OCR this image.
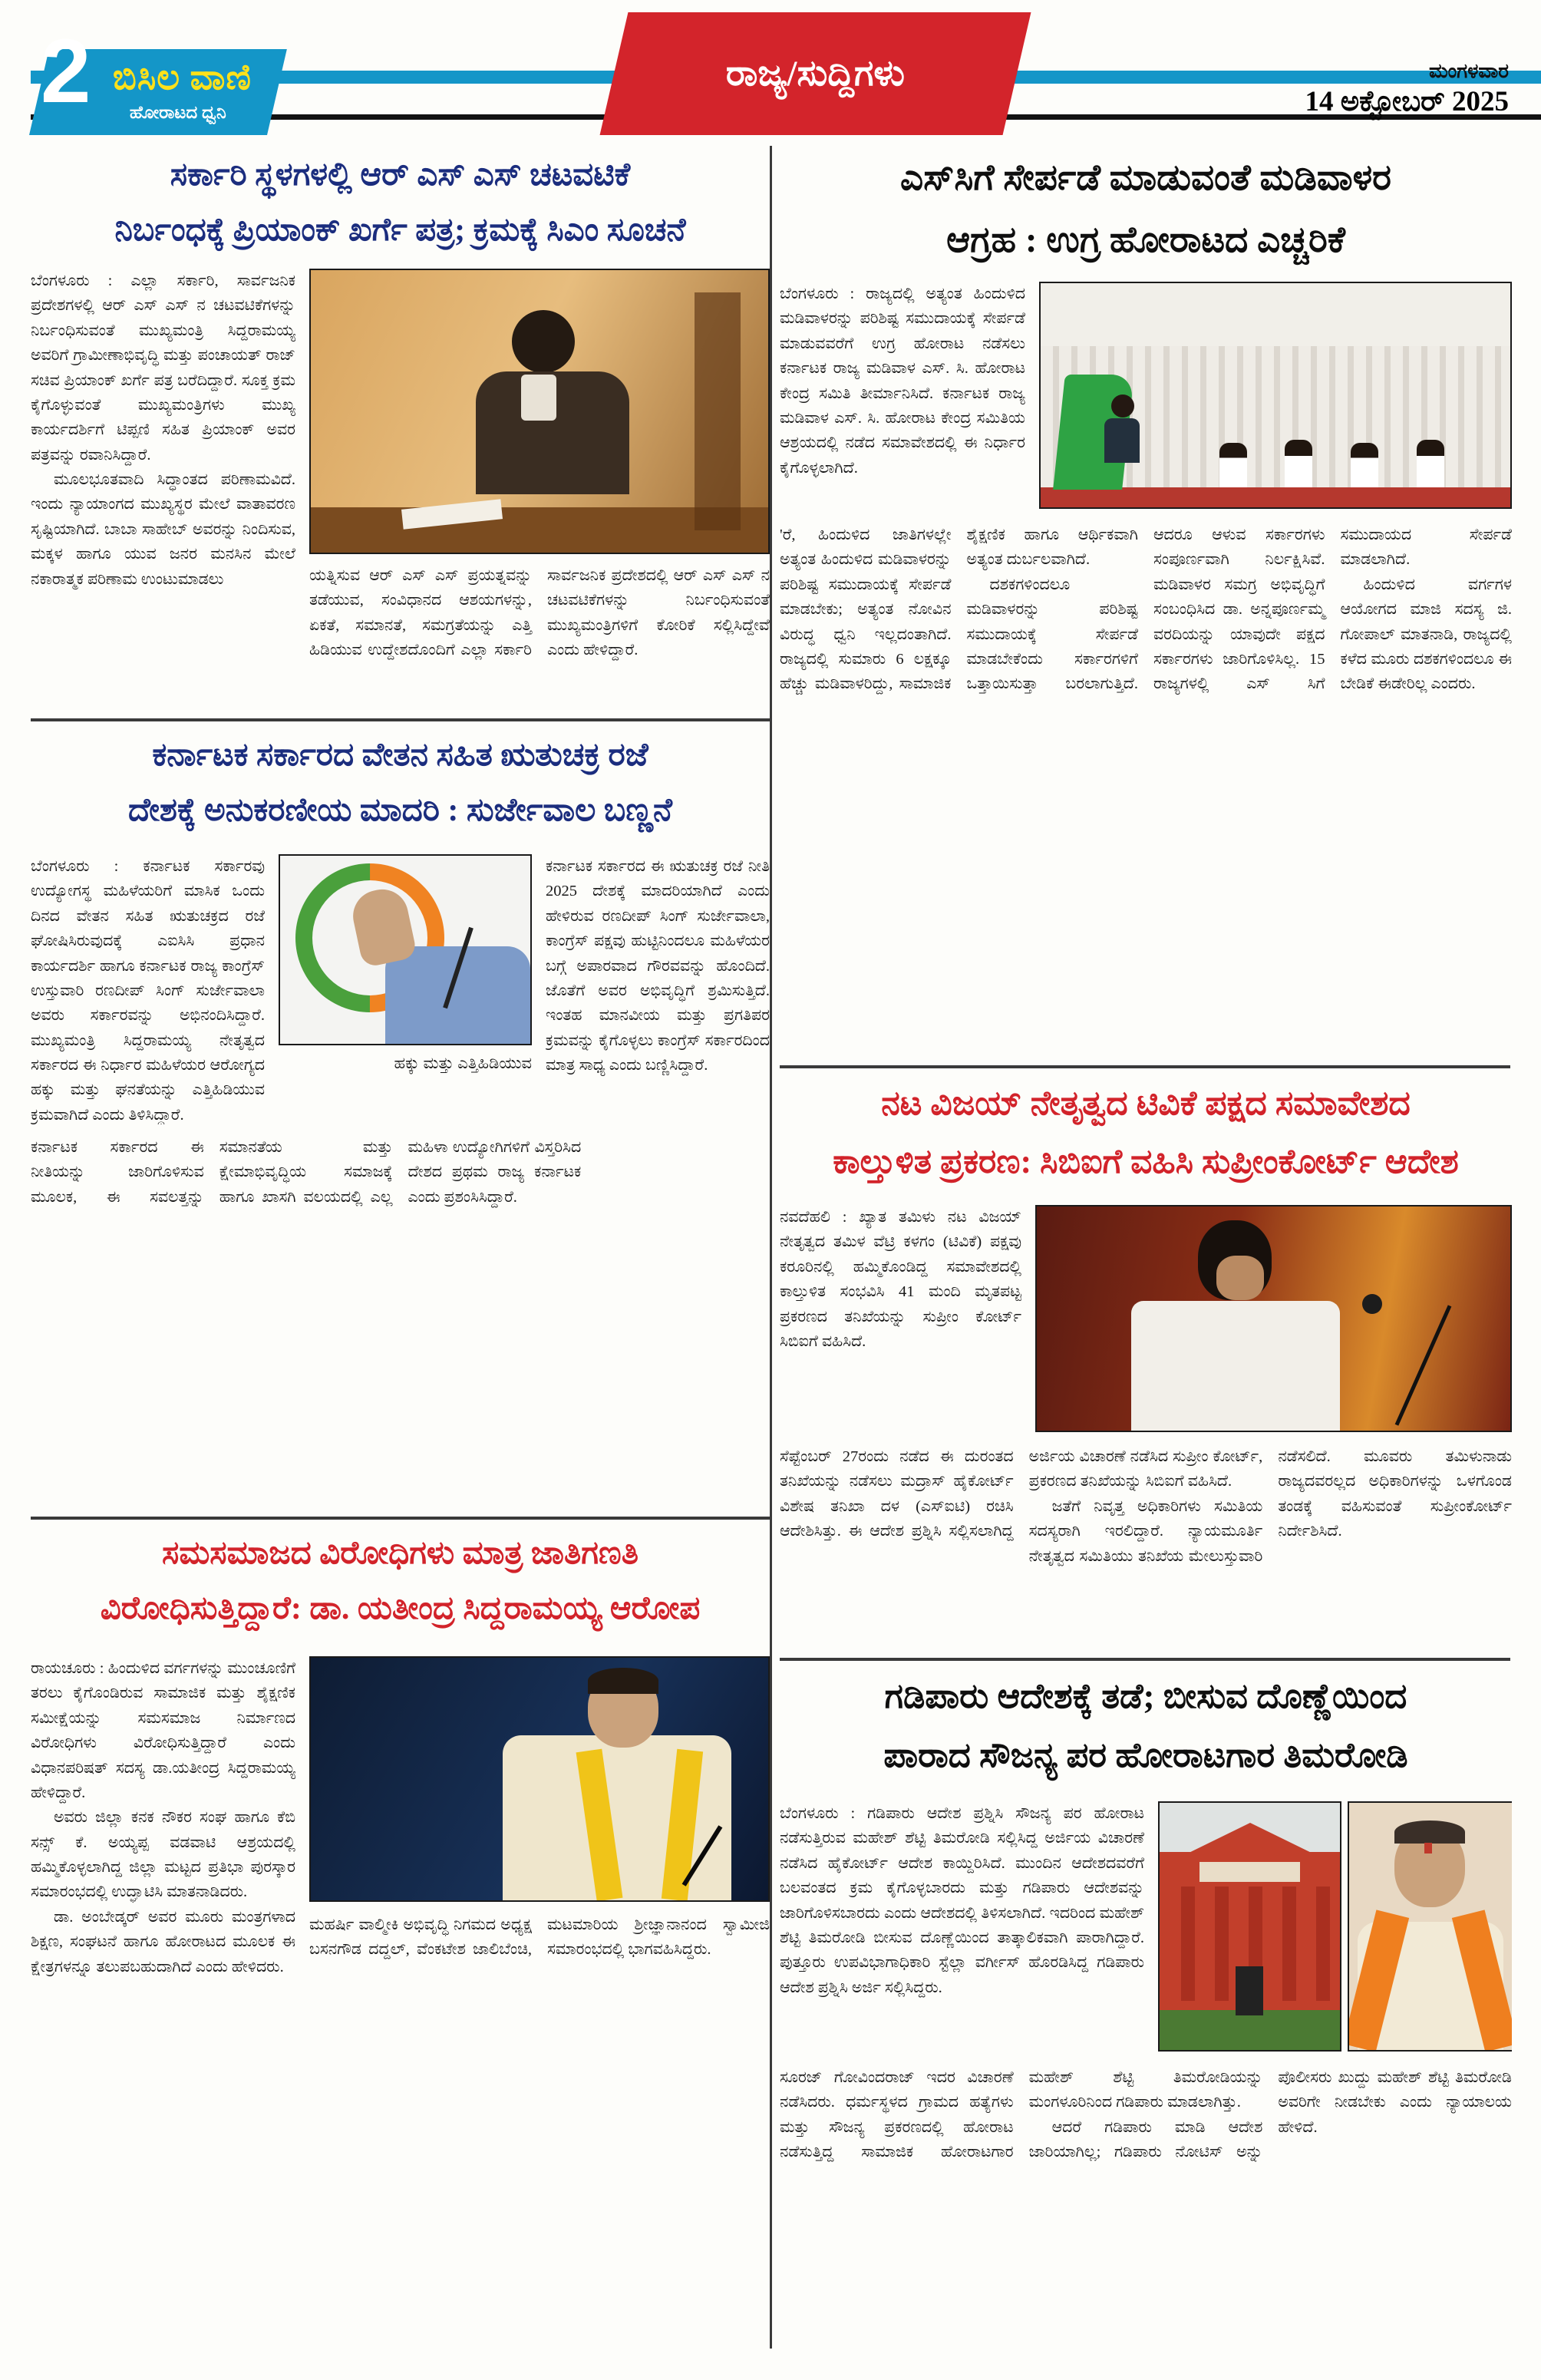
2 ಬಿಸಿಲ ವಾಣಿ
ಹೋರಾಟದ ಧ್ವನಿ
ರಾಜ್ಯ/ಸುದ್ದಿಗಳು	ಮಂಗಳವಾರ
14 ಅಕ್ಟೋಬರ್ 2025
ಸರ್ಕಾರಿ ಸ್ಥಳಗಳಲ್ಲಿ ಆರ್ ಎಸ್ ಎಸ್ ಚಟವಟಿಕೆ
ನಿರ್ಬಂಧಕ್ಕೆ ಪ್ರಿಯಾಂಕ್ ಖರ್ಗೆ ಪತ್ರ; ಕ್ರಮಕ್ಕೆ ಸಿಎಂ ಸೂಚನೆ

ಬೆಂಗಳೂರು : ಎಲ್ಲಾ ಸರ್ಕಾರಿ, ಸಾರ್ವಜನಿಕ ಪ್ರದೇಶಗಳಲ್ಲಿ ಆರ್ ಎಸ್ ಎಸ್ ನ ಚಟವಟಿಕೆಗಳನ್ನು ನಿರ್ಬಂಧಿಸುವಂತೆ ಮುಖ್ಯಮಂತ್ರಿ ಸಿದ್ದರಾಮಯ್ಯ ಅವರಿಗೆ ಗ್ರಾಮೀಣಾಭಿವೃದ್ಧಿ ಮತ್ತು ಪಂಚಾಯತ್ ರಾಜ್ ಸಚಿವ ಪ್ರಿಯಾಂಕ್ ಖರ್ಗೆ ಪತ್ರ ಬರೆದಿದ್ದಾರೆ. ಸೂಕ್ತ ಕ್ರಮ ಕೈಗೊಳ್ಳುವಂತೆ ಮುಖ್ಯಮಂತ್ರಿಗಳು ಮುಖ್ಯ ಕಾರ್ಯದರ್ಶಿಗೆ ಟಿಪ್ಪಣಿ ಸಹಿತ ಪ್ರಿಯಾಂಕ್ ಅವರ ಪತ್ರವನ್ನು ರವಾನಿಸಿದ್ದಾರೆ.

ಮೂಲಭೂತವಾದಿ ಸಿದ್ಧಾಂತದ ಪರಿಣಾಮವಿದೆ. ಇಂದು ನ್ಯಾಯಾಂಗದ ಮುಖ್ಯಸ್ಥರ ಮೇಲೆ ವಾತಾವರಣ ಸೃಷ್ಟಿಯಾಗಿದೆ. ಬಾಬಾ ಸಾಹೇಬ್ ಅವರನ್ನು ನಿಂದಿಸುವ, ಮಕ್ಕಳ ಹಾಗೂ ಯುವ ಜನರ ಮನಸಿನ ಮೇಲೆ ನಕಾರಾತ್ಮಕ ಪರಿಣಾಮ ಉಂಟುಮಾಡಲು	ಯತ್ನಿಸುವ ಆರ್ ಎಸ್ ಎಸ್ ಪ್ರಯತ್ನವನ್ನು ತಡೆಯುವ, ಸಂವಿಧಾನದ ಆಶಯಗಳನ್ನು, ಏಕತೆ, ಸಮಾನತೆ, ಸಮಗ್ರತೆಯನ್ನು ಎತ್ತಿ ಹಿಡಿಯುವ ಉದ್ದೇಶದೊಂದಿಗೆ ಎಲ್ಲಾ ಸರ್ಕಾರಿ ಸಾರ್ವಜನಿಕ ಪ್ರದೇಶದಲ್ಲಿ ಆರ್ ಎಸ್ ಎಸ್ ನ ಚಟವಟಿಕೆಗಳನ್ನು ನಿರ್ಬಂಧಿಸುವಂತೆ ಮುಖ್ಯಮಂತ್ರಿಗಳಿಗೆ ಕೋರಿಕೆ ಸಲ್ಲಿಸಿದ್ದೇವೆ ಎಂದು ಹೇಳಿದ್ದಾರೆ.

ಎಸ್‌ಸಿಗೆ ಸೇರ್ಪಡೆ ಮಾಡುವಂತೆ ಮಡಿವಾಳರ
ಆಗ್ರಹ : ಉಗ್ರ ಹೋರಾಟದ ಎಚ್ಚರಿಕೆ

ಬೆಂಗಳೂರು : ರಾಜ್ಯದಲ್ಲಿ ಅತ್ಯಂತ ಹಿಂದುಳಿದ ಮಡಿವಾಳರನ್ನು ಪರಿಶಿಷ್ಟ ಸಮುದಾಯಕ್ಕೆ ಸೇರ್ಪಡೆ ಮಾಡುವವರೆಗೆ ಉಗ್ರ ಹೋರಾಟ ನಡೆಸಲು ಕರ್ನಾಟಕ ರಾಜ್ಯ ಮಡಿವಾಳ ಎಸ್. ಸಿ. ಹೋರಾಟ ಕೇಂದ್ರ ಸಮಿತಿ ತೀರ್ಮಾನಿಸಿದೆ. ಕರ್ನಾಟಕ ರಾಜ್ಯ ಮಡಿವಾಳ ಎಸ್. ಸಿ. ಹೋರಾಟ ಕೇಂದ್ರ ಸಮಿತಿಯ ಆಶ್ರಯದಲ್ಲಿ ನಡೆದ ಸಮಾವೇಶದಲ್ಲಿ ಈ ನಿರ್ಧಾರ ಕೈಗೊಳ್ಳಲಾಗಿದೆ.

'ರೆ, ಹಿಂದುಳಿದ ಜಾತಿಗಳಲ್ಲೇ ಅತ್ಯಂತ ಹಿಂದುಳಿದ ಮಡಿವಾಳರನ್ನು ಪರಿಶಿಷ್ಟ ಸಮುದಾಯಕ್ಕೆ ಸೇರ್ಪಡೆ ಮಾಡಬೇಕು; ಅತ್ಯಂತ ನೋವಿನ ವಿರುದ್ಧ ಧ್ವನಿ ಇಲ್ಲದಂತಾಗಿದೆ. ರಾಜ್ಯದಲ್ಲಿ ಸುಮಾರು 6 ಲಕ್ಷಕ್ಕೂ ಹೆಚ್ಚು ಮಡಿವಾಳರಿದ್ದು, ಸಾಮಾಜಿಕ ಶೈಕ್ಷಣಿಕ ಹಾಗೂ ಆರ್ಥಿಕವಾಗಿ ಅತ್ಯಂತ ದುರ್ಬಲವಾಗಿದೆ.

ದಶಕಗಳಿಂದಲೂ ಮಡಿವಾಳರನ್ನು ಪರಿಶಿಷ್ಟ ಸಮುದಾಯಕ್ಕೆ ಸೇರ್ಪಡೆ ಮಾಡಬೇಕೆಂದು ಸರ್ಕಾರಗಳಿಗೆ ಒತ್ತಾಯಿಸುತ್ತಾ ಬರಲಾಗುತ್ತಿದೆ. ಆದರೂ ಆಳುವ ಸರ್ಕಾರಗಳು ಸಂಪೂರ್ಣವಾಗಿ ನಿರ್ಲಕ್ಷಿಸಿವೆ. ಮಡಿವಾಳರ ಸಮಗ್ರ ಅಭಿವೃದ್ಧಿಗೆ ಸಂಬಂಧಿಸಿದ ಡಾ. ಅನ್ನಪೂರ್ಣಮ್ಮ ವರದಿಯನ್ನು ಯಾವುದೇ ಪಕ್ಷದ ಸರ್ಕಾರಗಳು ಜಾರಿಗೊಳಿಸಿಲ್ಲ. 15 ರಾಜ್ಯಗಳಲ್ಲಿ ಎಸ್ ಸಿಗೆ ಸಮುದಾಯದ ಸೇರ್ಪಡೆ ಮಾಡಲಾಗಿದೆ.

ಹಿಂದುಳಿದ ವರ್ಗಗಳ ಆಯೋಗದ ಮಾಜಿ ಸದಸ್ಯ ಜಿ. ಗೋಪಾಲ್ ಮಾತನಾಡಿ, ರಾಜ್ಯದಲ್ಲಿ ಕಳೆದ ಮೂರು ದಶಕಗಳಿಂದಲೂ ಈ ಬೇಡಿಕೆ ಈಡೇರಿಲ್ಲ ಎಂದರು.

ಕರ್ನಾಟಕ ಸರ್ಕಾರದ ವೇತನ ಸಹಿತ ಋತುಚಕ್ರ ರಜೆ
ದೇಶಕ್ಕೆ ಅನುಕರಣೀಯ ಮಾದರಿ : ಸುರ್ಜೇವಾಲ ಬಣ್ಣನೆ

ಬೆಂಗಳೂರು : ಕರ್ನಾಟಕ ಸರ್ಕಾರವು ಉದ್ಯೋಗಸ್ಥ ಮಹಿಳೆಯರಿಗೆ ಮಾಸಿಕ ಒಂದು ದಿನದ ವೇತನ ಸಹಿತ ಋತುಚಕ್ರದ ರಜೆ ಘೋಷಿಸಿರುವುದಕ್ಕೆ ಎಐಸಿಸಿ ಪ್ರಧಾನ ಕಾರ್ಯದರ್ಶಿ ಹಾಗೂ ಕರ್ನಾಟಕ ರಾಜ್ಯ ಕಾಂಗ್ರೆಸ್ ಉಸ್ತುವಾರಿ ರಣದೀಪ್ ಸಿಂಗ್ ಸುರ್ಜೇವಾಲಾ ಅವರು ಸರ್ಕಾರವನ್ನು ಅಭಿನಂದಿಸಿದ್ದಾರೆ. ಮುಖ್ಯಮಂತ್ರಿ ಸಿದ್ದರಾಮಯ್ಯ ನೇತೃತ್ವದ ಸರ್ಕಾರದ ಈ ನಿರ್ಧಾರ ಮಹಿಳೆಯರ ಆರೋಗ್ಯದ ಹಕ್ಕು ಮತ್ತು ಘನತೆಯನ್ನು ಎತ್ತಿಹಿಡಿಯುವ ಕ್ರಮವಾಗಿದೆ ಎಂದು ತಿಳಿಸಿದ್ದಾರೆ.

ಹಕ್ಕು ಮತ್ತು ಎತ್ತಿಹಿಡಿಯುವ

ಕರ್ನಾಟಕ ಸರ್ಕಾರದ ಈ ಋತುಚಕ್ರ ರಜೆ ನೀತಿ 2025 ದೇಶಕ್ಕೆ ಮಾದರಿಯಾಗಿದೆ ಎಂದು ಹೇಳಿರುವ ರಣದೀಪ್ ಸಿಂಗ್ ಸುರ್ಜೇವಾಲಾ, ಕಾಂಗ್ರೆಸ್ ಪಕ್ಷವು ಹುಟ್ಟಿನಿಂದಲೂ ಮಹಿಳೆಯರ ಬಗ್ಗೆ ಅಪಾರವಾದ ಗೌರವವನ್ನು ಹೊಂದಿದೆ. ಜೊತೆಗೆ ಅವರ ಅಭಿವೃದ್ಧಿಗೆ ಶ್ರಮಿಸುತ್ತಿದೆ. ಇಂತಹ ಮಾನವೀಯ ಮತ್ತು ಪ್ರಗತಿಪರ ಕ್ರಮವನ್ನು ಕೈಗೊಳ್ಳಲು ಕಾಂಗ್ರೆಸ್ ಸರ್ಕಾರದಿಂದ ಮಾತ್ರ ಸಾಧ್ಯ ಎಂದು ಬಣ್ಣಿಸಿದ್ದಾರೆ.

ಕರ್ನಾಟಕ ಸರ್ಕಾರದ ಈ ನೀತಿಯನ್ನು ಜಾರಿಗೊಳಿಸುವ ಮೂಲಕ, ಈ ಸವಲತ್ತನ್ನು ಸಮಾನತೆಯ ಮತ್ತು ಕ್ಷೇಮಾಭಿವೃದ್ಧಿಯ ಸಮಾಜಕ್ಕೆ ಹಾಗೂ ಖಾಸಗಿ ವಲಯದಲ್ಲಿ ಎಲ್ಲ ಮಹಿಳಾ ಉದ್ಯೋಗಿಗಳಿಗೆ ವಿಸ್ತರಿಸಿದ ದೇಶದ ಪ್ರಥಮ ರಾಜ್ಯ ಕರ್ನಾಟಕ ಎಂದು ಪ್ರಶಂಸಿಸಿದ್ದಾರೆ.

ನಟ ವಿಜಯ್ ನೇತೃತ್ವದ ಟಿವಿಕೆ ಪಕ್ಷದ ಸಮಾವೇಶದ
ಕಾಲ್ತುಳಿತ ಪ್ರಕರಣ: ಸಿಬಿಐಗೆ ವಹಿಸಿ ಸುಪ್ರೀಂಕೋರ್ಟ್ ಆದೇಶ

ನವದೆಹಲಿ : ಖ್ಯಾತ ತಮಿಳು ನಟ ವಿಜಯ್ ನೇತೃತ್ವದ ತಮಿಳ ವೆಟ್ರಿ ಕಳಗಂ (ಟಿವಿಕೆ) ಪಕ್ಷವು ಕರೂರಿನಲ್ಲಿ ಹಮ್ಮಿಕೊಂಡಿದ್ದ ಸಮಾವೇಶದಲ್ಲಿ ಕಾಲ್ತುಳಿತ ಸಂಭವಿಸಿ 41 ಮಂದಿ ಮೃತಪಟ್ಟ ಪ್ರಕರಣದ ತನಿಖೆಯನ್ನು ಸುಪ್ರೀಂ ಕೋರ್ಟ್ ಸಿಬಿಐಗೆ ವಹಿಸಿದೆ.

ಸೆಪ್ಟೆಂಬರ್ 27ರಂದು ನಡೆದ ಈ ದುರಂತದ ತನಿಖೆಯನ್ನು ನಡೆಸಲು ಮದ್ರಾಸ್ ಹೈಕೋರ್ಟ್ ವಿಶೇಷ ತನಿಖಾ ದಳ (ಎಸ್‌ಐಟಿ) ರಚಿಸಿ ಆದೇಶಿಸಿತ್ತು. ಈ ಆದೇಶ ಪ್ರಶ್ನಿಸಿ ಸಲ್ಲಿಸಲಾಗಿದ್ದ ಅರ್ಜಿಯ ವಿಚಾರಣೆ ನಡೆಸಿದ ಸುಪ್ರೀಂ ಕೋರ್ಟ್, ಪ್ರಕರಣದ ತನಿಖೆಯನ್ನು ಸಿಬಿಐಗೆ ವಹಿಸಿದೆ.

ಜತೆಗೆ ನಿವೃತ್ತ ಅಧಿಕಾರಿಗಳು ಸಮಿತಿಯ ಸದಸ್ಯರಾಗಿ ಇರಲಿದ್ದಾರೆ. ನ್ಯಾಯಮೂರ್ತಿ ನೇತೃತ್ವದ ಸಮಿತಿಯು ತನಿಖೆಯ ಮೇಲುಸ್ತುವಾರಿ ನಡೆಸಲಿದೆ. ಮೂವರು ತಮಿಳುನಾಡು ರಾಜ್ಯದವರಲ್ಲದ ಅಧಿಕಾರಿಗಳನ್ನು ಒಳಗೊಂಡ ತಂಡಕ್ಕೆ ವಹಿಸುವಂತೆ ಸುಪ್ರೀಂಕೋರ್ಟ್ ನಿರ್ದೇಶಿಸಿದೆ.

ಸಮಸಮಾಜದ ವಿರೋಧಿಗಳು ಮಾತ್ರ ಜಾತಿಗಣತಿ
ವಿರೋಧಿಸುತ್ತಿದ್ದಾರೆ: ಡಾ. ಯತೀಂದ್ರ ಸಿದ್ದರಾಮಯ್ಯ ಆರೋಪ

ರಾಯಚೂರು : ಹಿಂದುಳಿದ ವರ್ಗಗಳನ್ನು ಮುಂಚೂಣಿಗೆ ತರಲು ಕೈಗೊಂಡಿರುವ ಸಾಮಾಜಿಕ ಮತ್ತು ಶೈಕ್ಷಣಿಕ ಸಮೀಕ್ಷೆಯನ್ನು ಸಮಸಮಾಜ ನಿರ್ಮಾಣದ ವಿರೋಧಿಗಳು ವಿರೋಧಿಸುತ್ತಿದ್ದಾರೆ ಎಂದು ವಿಧಾನಪರಿಷತ್ ಸದಸ್ಯ ಡಾ.ಯತೀಂದ್ರ ಸಿದ್ದರಾಮಯ್ಯ ಹೇಳಿದ್ದಾರೆ.

ಅವರು ಜಿಲ್ಲಾ ಕನಕ ನೌಕರ ಸಂಘ ಹಾಗೂ ಕೆಬಿ ಸನ್ಸ್ ಕೆ. ಅಯ್ಯಪ್ಪ ವಡವಾಟಿ ಆಶ್ರಯದಲ್ಲಿ ಹಮ್ಮಿಕೊಳ್ಳಲಾಗಿದ್ದ ಜಿಲ್ಲಾ ಮಟ್ಟದ ಪ್ರತಿಭಾ ಪುರಸ್ಕಾರ ಸಮಾರಂಭದಲ್ಲಿ ಉದ್ಘಾಟಿಸಿ ಮಾತನಾಡಿದರು.

ಡಾ. ಅಂಬೇಡ್ಕರ್ ಅವರ ಮೂರು ಮಂತ್ರಗಳಾದ ಶಿಕ್ಷಣ, ಸಂಘಟನೆ ಹಾಗೂ ಹೋರಾಟದ ಮೂಲಕ ಈ ಕ್ಷೇತ್ರಗಳನ್ನೂ ತಲುಪಬಹುದಾಗಿದೆ ಎಂದು ಹೇಳಿದರು.

ಮಹರ್ಷಿ ವಾಲ್ಮೀಕಿ ಅಭಿವೃದ್ಧಿ ನಿಗಮದ ಅಧ್ಯಕ್ಷ ಬಸನಗೌಡ ದದ್ದಲ್, ವೆಂಕಟೇಶ ಜಾಲಿಬೆಂಚಿ, ಮಟಮಾರಿಯ ಶ್ರೀಜ್ಞಾನಾನಂದ ಸ್ವಾಮೀಜಿ ಸಮಾರಂಭದಲ್ಲಿ ಭಾಗವಹಿಸಿದ್ದರು.

ಗಡಿಪಾರು ಆದೇಶಕ್ಕೆ ತಡೆ; ಬೀಸುವ ದೊಣ್ಣೆಯಿಂದ
ಪಾರಾದ ಸೌಜನ್ಯ ಪರ ಹೋರಾಟಗಾರ ತಿಮರೋಡಿ

ಬೆಂಗಳೂರು : ಗಡಿಪಾರು ಆದೇಶ ಪ್ರಶ್ನಿಸಿ ಸೌಜನ್ಯ ಪರ ಹೋರಾಟ ನಡೆಸುತ್ತಿರುವ ಮಹೇಶ್ ಶೆಟ್ಟಿ ತಿಮರೋಡಿ ಸಲ್ಲಿಸಿದ್ದ ಅರ್ಜಿಯ ವಿಚಾರಣೆ ನಡೆಸಿದ ಹೈಕೋರ್ಟ್ ಆದೇಶ ಕಾಯ್ದಿರಿಸಿದೆ. ಮುಂದಿನ ಆದೇಶದವರೆಗೆ ಬಲವಂತದ ಕ್ರಮ ಕೈಗೊಳ್ಳಬಾರದು ಮತ್ತು ಗಡಿಪಾರು ಆದೇಶವನ್ನು ಜಾರಿಗೊಳಿಸಬಾರದು ಎಂದು ಆದೇಶದಲ್ಲಿ ತಿಳಿಸಲಾಗಿದೆ. ಇದರಿಂದ ಮಹೇಶ್ ಶೆಟ್ಟಿ ತಿಮರೋಡಿ ಬೀಸುವ ದೊಣ್ಣೆಯಿಂದ ತಾತ್ಕಾಲಿಕವಾಗಿ ಪಾರಾಗಿದ್ದಾರೆ. ಪುತ್ತೂರು ಉಪವಿಭಾಗಾಧಿಕಾರಿ ಸ್ಟೆಲ್ಲಾ ವರ್ಗೀಸ್ ಹೊರಡಿಸಿದ್ದ ಗಡಿಪಾರು ಆದೇಶ ಪ್ರಶ್ನಿಸಿ ಅರ್ಜಿ ಸಲ್ಲಿಸಿದ್ದರು.

ಸೂರಜ್ ಗೋವಿಂದರಾಜ್ ಇದರ ವಿಚಾರಣೆ ನಡೆಸಿದರು. ಧರ್ಮಸ್ಥಳದ ಗ್ರಾಮದ ಹತ್ಯೆಗಳು ಮತ್ತು ಸೌಜನ್ಯ ಪ್ರಕರಣದಲ್ಲಿ ಹೋರಾಟ ನಡೆಸುತ್ತಿದ್ದ ಸಾಮಾಜಿಕ ಹೋರಾಟಗಾರ ಮಹೇಶ್ ಶೆಟ್ಟಿ ತಿಮರೋಡಿಯನ್ನು ಮಂಗಳೂರಿನಿಂದ ಗಡಿಪಾರು ಮಾಡಲಾಗಿತ್ತು.

ಆದರೆ ಗಡಿಪಾರು ಮಾಡಿ ಆದೇಶ ಜಾರಿಯಾಗಿಲ್ಲ; ಗಡಿಪಾರು ನೋಟಿಸ್ ಅನ್ನು ಪೊಲೀಸರು ಖುದ್ದು ಮಹೇಶ್ ಶೆಟ್ಟಿ ತಿಮರೋಡಿ ಅವರಿಗೇ ನೀಡಬೇಕು ಎಂದು ನ್ಯಾಯಾಲಯ ಹೇಳಿದೆ.
